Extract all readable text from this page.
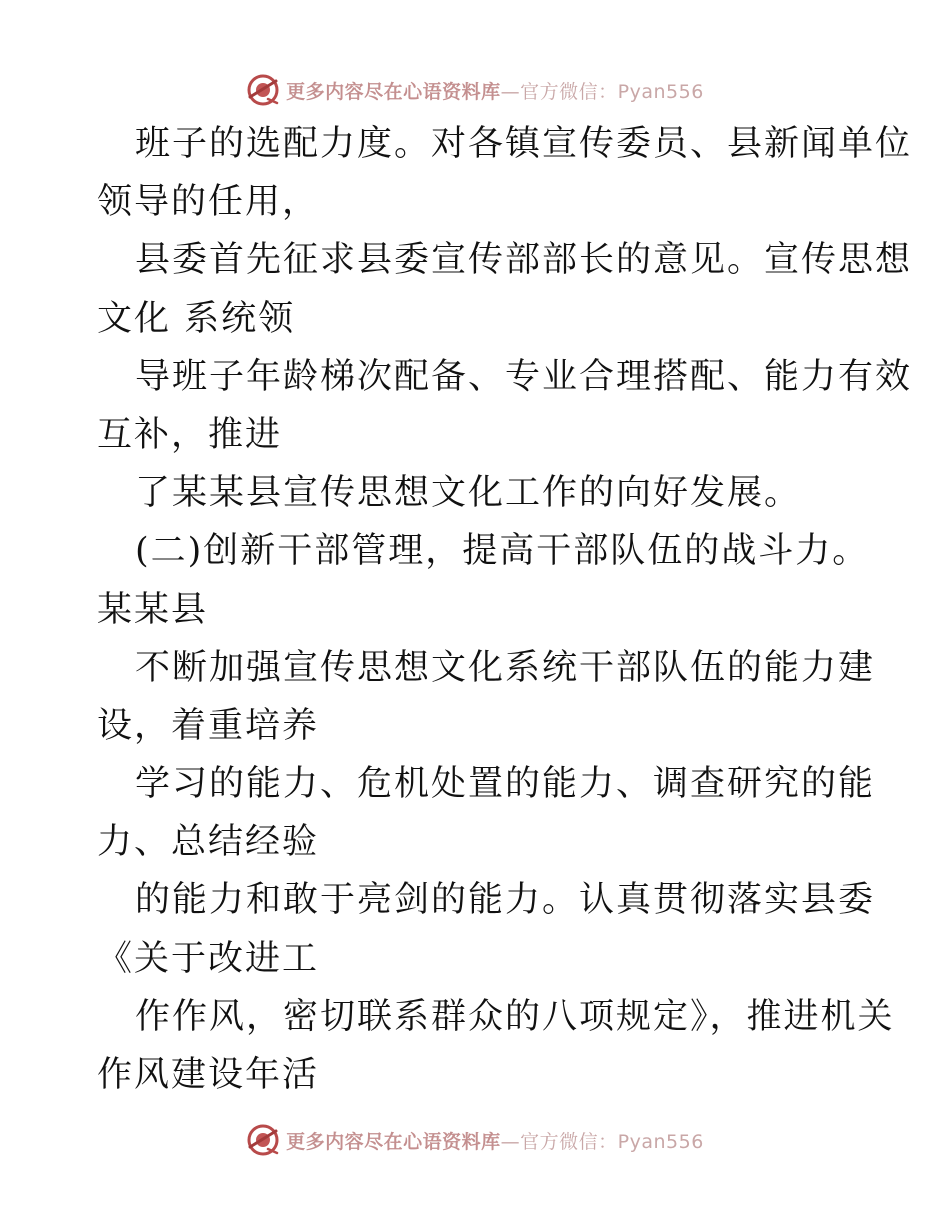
更多内容尽在心语资料库—官方微信：Pyan556
班子的选配力度。对各镇宣传委员、县新闻单位
领导的任用，
县委首先征求县委宣传部部长的意见。宣传思想
文化 系统领
导班子年龄梯次配备、专业合理搭配、能力有效
互补，推进
了某某县宣传思想文化工作的向好发展。
(二)创新干部管理，提高干部队伍的战斗力。
某某县
不断加强宣传思想文化系统干部队伍的能力建
设，着重培养
学习的能力、危机处置的能力、调查研究的能
力、总结经验
的能力和敢于亮剑的能力。认真贯彻落实县委
《关于改进工
作作风，密切联系群众的八项规定》，推进机关
作风建设年活
更多内容尽在心语资料库—官方微信：Pyan556
